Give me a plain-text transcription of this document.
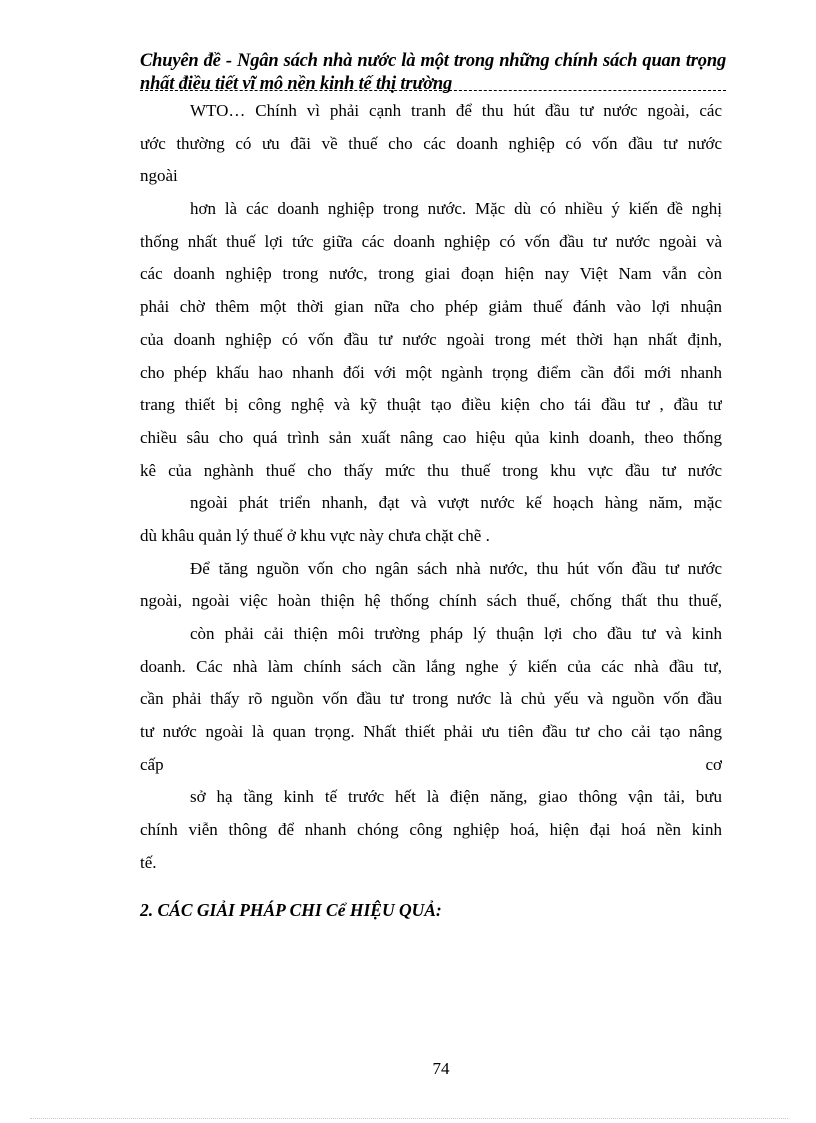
Chuyên đề - Ngân sách nhà nước là một trong những chính sách quan trọng nhất điều tiết vĩ mô nền kinh tế thị trường
WTO… Chính vì phải cạnh tranh để thu hút đầu tư nước ngoài, các
ước thường có ưu đãi về thuế cho các doanh nghiệp có vốn đầu tư nước
ngoài
hơn là các doanh nghiệp trong nước. Mặc dù có nhiều ý kiến đề nghị
thống nhất thuế lợi tức giữa các doanh nghiệp có vốn đầu tư nước ngoài và
các doanh nghiệp trong nước, trong giai đoạn hiện nay Việt Nam vẫn còn
phải chờ thêm một thời gian nữa cho phép giảm thuế đánh vào lợi nhuận
của doanh nghiệp có vốn đầu tư nước ngoài trong mét thời hạn nhất định,
cho phép khấu hao nhanh đối với một ngành trọng điểm cần đổi mới nhanh
trang thiết bị công nghệ và kỹ thuật tạo điều kiện cho tái đầu tư , đầu tư
chiều sâu cho quá trình sản xuất nâng cao hiệu qủa kinh doanh, theo thống
kê của nghành thuế cho thấy mức thu thuế trong khu vực đầu tư nước
ngoài phát triển nhanh, đạt và vượt nước kế hoạch hàng năm, mặc
dù khâu quản lý thuế ở khu vực này chưa chặt chẽ .
Để tăng nguồn vốn cho ngân sách nhà nước, thu hút vốn đầu tư nước
ngoài, ngoài việc hoàn thiện hệ thống chính sách thuế, chống thất thu thuế,
còn phải cải thiện môi trường pháp lý thuận lợi cho đầu tư và kinh
doanh. Các nhà làm chính sách cần lắng nghe ý kiến của các nhà đầu tư,
cần phải thấy rõ nguồn vốn đầu tư trong nước là chủ yếu và nguồn vốn đầu
tư nước ngoài là quan trọng. Nhất thiết phải ưu tiên đầu tư cho cải tạo nâng
cấp cơ
sở hạ tầng kinh tế trước hết là điện năng, giao thông vận tải, bưu
chính viễn thông để nhanh chóng công nghiệp hoá, hiện đại hoá nền kinh
tế.
2. CÁC GIẢI PHÁP CHI Cể HIỆU QUẢ:
74
